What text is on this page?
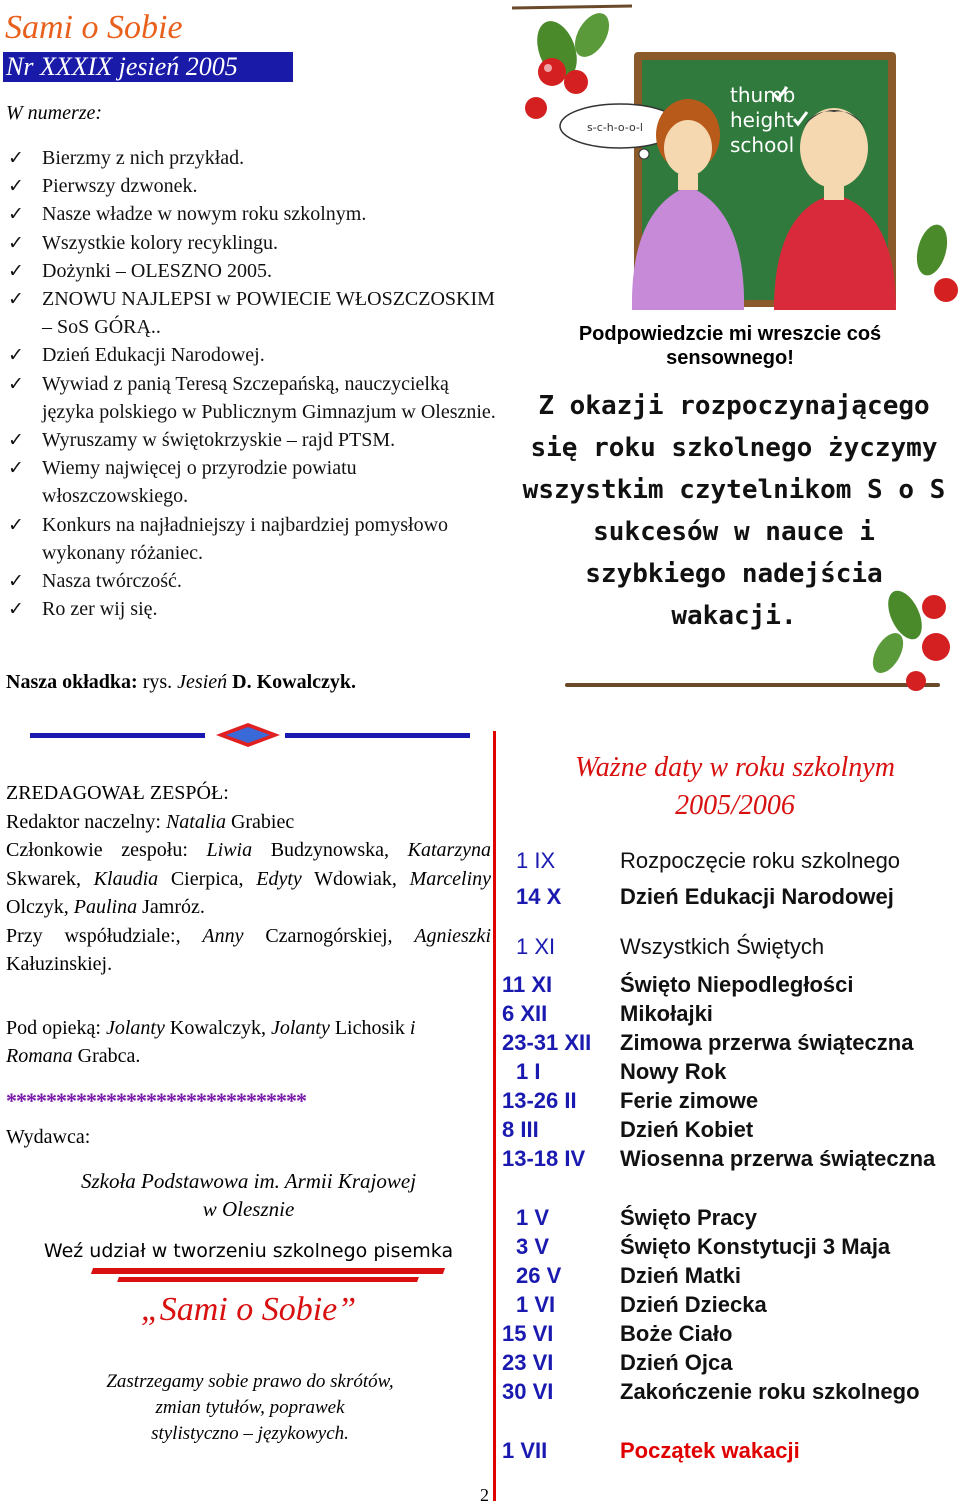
Sami o Sobie
Nr XXXIX jesień 2005
W numerze:
✓ Bierzmy z nich przykład.
✓ Pierwszy dzwonek.
✓ Nasze władze w nowym roku szkolnym.
✓ Wszystkie kolory recyklingu.
✓ Dożynki – OLESZNO 2005.
✓ ZNOWU NAJLEPSI w POWIECIE WŁOSZCZOSKIM – SoS GÓRĄ..
✓ Dzień Edukacji Narodowej.
✓ Wywiad z panią Teresą Szczepańską, nauczycielką języka polskiego w Publicznym Gimnazjum w Olesznie.
✓ Wyruszamy w świętokrzyskie – rajd PTSM.
✓ Wiemy najwięcej o przyrodzie powiatu włoszczowskiego.
✓ Konkurs na najładniejszy i najbardziej pomysłowo wykonany różaniec.
✓ Nasza twórczość.
✓ Ro zer wij się.
Nasza okładka: rys. Jesień D. Kowalczyk.
thumb
height
school
s-c-h-o-o-l
Podpowiedzcie mi wreszcie coś sensownego!
Z okazji rozpoczynającego się roku szkolnego życzymy wszystkim czytelnikom S o S sukcesów w nauce i szybkiego nadejścia wakacji.

ZREDAGOWAŁ ZESPÓŁ:

Redaktor naczelny: Natalia Grabiec

Członkowie zespołu: Liwia Budzynowska, Katarzyna Skwarek, Klaudia Cierpica, Edyty Wdowiak, Marceliny Olczyk, Paulina Jamróz.

Przy współudziale:, Anny Czarnogórskiej, Agnieszki Kałuzinskiej.

Pod opieką: Jolanty Kowalczyk, Jolanty Lichosik i Romana Grabca.
******************************
Wydawca:
Szkoła Podstawowa im. Armii Krajowej
w Olesznie
Weź udział w tworzeniu szkolnego pisemka
„Sami o Sobie”
Zastrzegamy sobie prawo do skrótów,
zmian tytułów, poprawek
stylistyczno – językowych.
2
Ważne daty w roku szkolnym
2005/2006
1 IX	Rozpoczęcie roku szkolnego
14 X	Dzień Edukacji Narodowej
1 XI	Wszystkich Świętych
11 XI	Święto Niepodległości
6 XII	Mikołajki
23-31 XII	Zimowa przerwa świąteczna
1 I	Nowy Rok
13-26 II	Ferie zimowe
8 III	Dzień Kobiet
13-18 IV	Wiosenna przerwa świąteczna
1 V	Święto Pracy
3 V	Święto Konstytucji 3 Maja
26 V	Dzień Matki
1 VI	Dzień Dziecka
15 VI	Boże Ciało
23 VI	Dzień Ojca
30 VI	Zakończenie roku szkolnego
1 VII	Początek wakacji
